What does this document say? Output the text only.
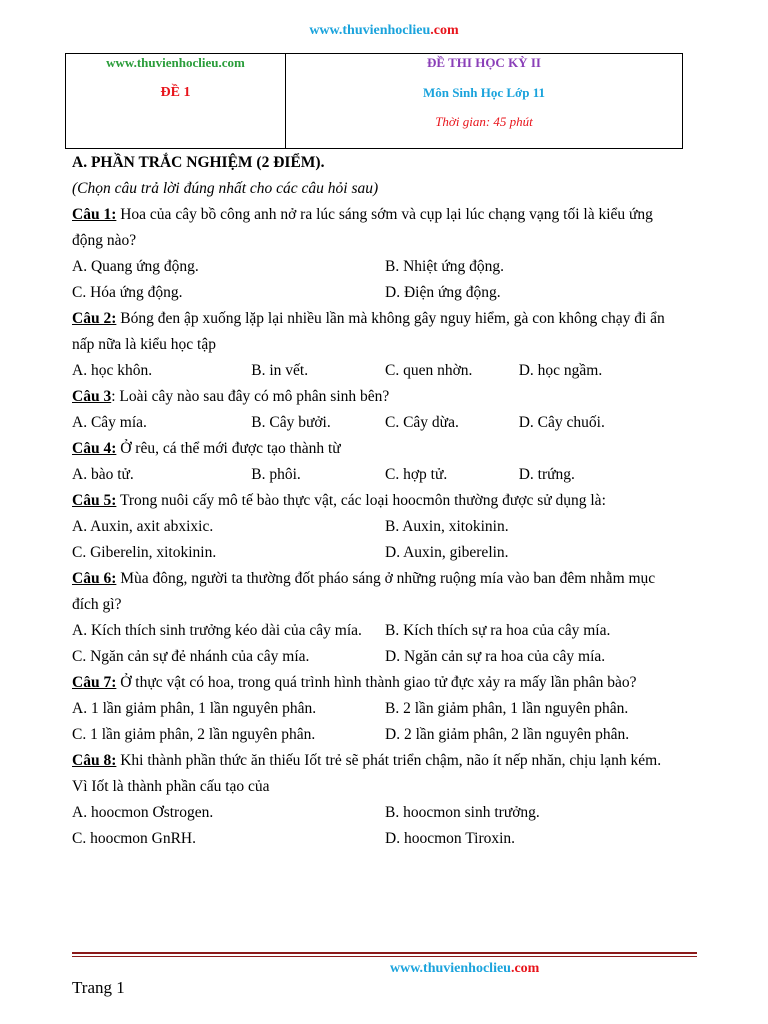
www.thuvienhoclieu.com
www.thuvienhoclieu.com
ĐỀ 1
ĐỀ THI HỌC KỲ II
Môn Sinh Học Lớp 11
Thời gian: 45 phút
A. PHẦN TRẮC NGHIỆM (2 ĐIỂM).
(Chọn câu trả lời đúng nhất cho các câu hỏi sau)
Câu 1: Hoa của cây bồ công anh nở ra lúc sáng sớm và cụp lại lúc chạng vạng tối là kiểu ứng
động nào?
A. Quang ứng động.	B. Nhiệt ứng động.
C. Hóa ứng động.	D. Điện ứng động.
Câu 2: Bóng đen ập xuống lặp lại nhiều lần mà không gây nguy hiểm, gà con không chạy đi ẩn
nấp nữa là kiểu học tập
A. học khôn.	B. in vết.	C. quen nhờn.	D. học ngầm.
Câu 3: Loài cây nào sau đây có mô phân sinh bên?
A. Cây mía.	B. Cây bưởi.	C. Cây dừa.	D. Cây chuối.
Câu 4: Ở rêu, cá thể mới được tạo thành từ
A. bào tử.	B. phôi.	C. hợp tử.	D. trứng.
Câu 5: Trong nuôi cấy mô tế bào thực vật, các loại hoocmôn thường được sử dụng là:
A. Auxin, axit abxixic.	B. Auxin, xitokinin.
C. Giberelin, xitokinin.	D. Auxin, giberelin.
Câu 6: Mùa đông, người ta thường đốt pháo sáng ở những ruộng mía vào ban đêm nhằm mục
đích gì?
A. Kích thích sinh trưởng kéo dài của cây mía.	B. Kích thích sự ra hoa của cây mía.
C. Ngăn cản sự đẻ nhánh của cây mía.	D. Ngăn cản sự ra hoa của cây mía.
Câu 7: Ở thực vật có hoa, trong quá trình hình thành giao tử đực xảy ra mấy lần phân bào?
A. 1 lần giảm phân, 1 lần nguyên phân.	B. 2 lần giảm phân, 1 lần nguyên phân.
C. 1 lần giảm phân, 2 lần nguyên phân.	D. 2 lần giảm phân, 2 lần nguyên phân.
Câu 8: Khi thành phần thức ăn thiếu Iốt trẻ sẽ phát triển chậm, não ít nếp nhăn, chịu lạnh kém.
Vì Iốt là thành phần cấu tạo của
A. hoocmon Ơstrogen.	B. hoocmon sinh trưởng.
C. hoocmon GnRH.	D. hoocmon Tiroxin.
www.thuvienhoclieu.com
Trang 1
